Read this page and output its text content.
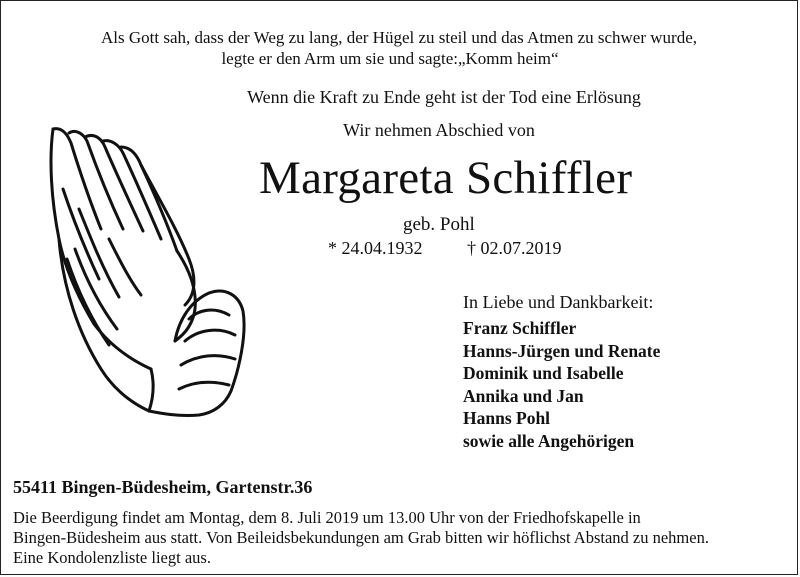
Als Gott sah, dass der Weg zu lang, der Hügel zu steil und das Atmen zu schwer wurde,
legte er den Arm um sie und sagte:„Komm heim“
Wenn die Kraft zu Ende geht ist der Tod eine Erlösung
Wir nehmen Abschied von
Margareta Schiffler
geb. Pohl
* 24.04.1932 † 02.07.2019
In Liebe und Dankbarkeit:
Franz Schiffler
Hanns-Jürgen und Renate
Dominik und Isabelle
Annika und Jan
Hanns Pohl
sowie alle Angehörigen
55411 Bingen-Büdesheim, Gartenstr.36
Die Beerdigung findet am Montag, dem 8. Juli 2019 um 13.00 Uhr von der Friedhofskapelle in
Bingen-Büdesheim aus statt. Von Beileidsbekundungen am Grab bitten wir höflichst Abstand zu nehmen.
Eine Kondolenzliste liegt aus.
